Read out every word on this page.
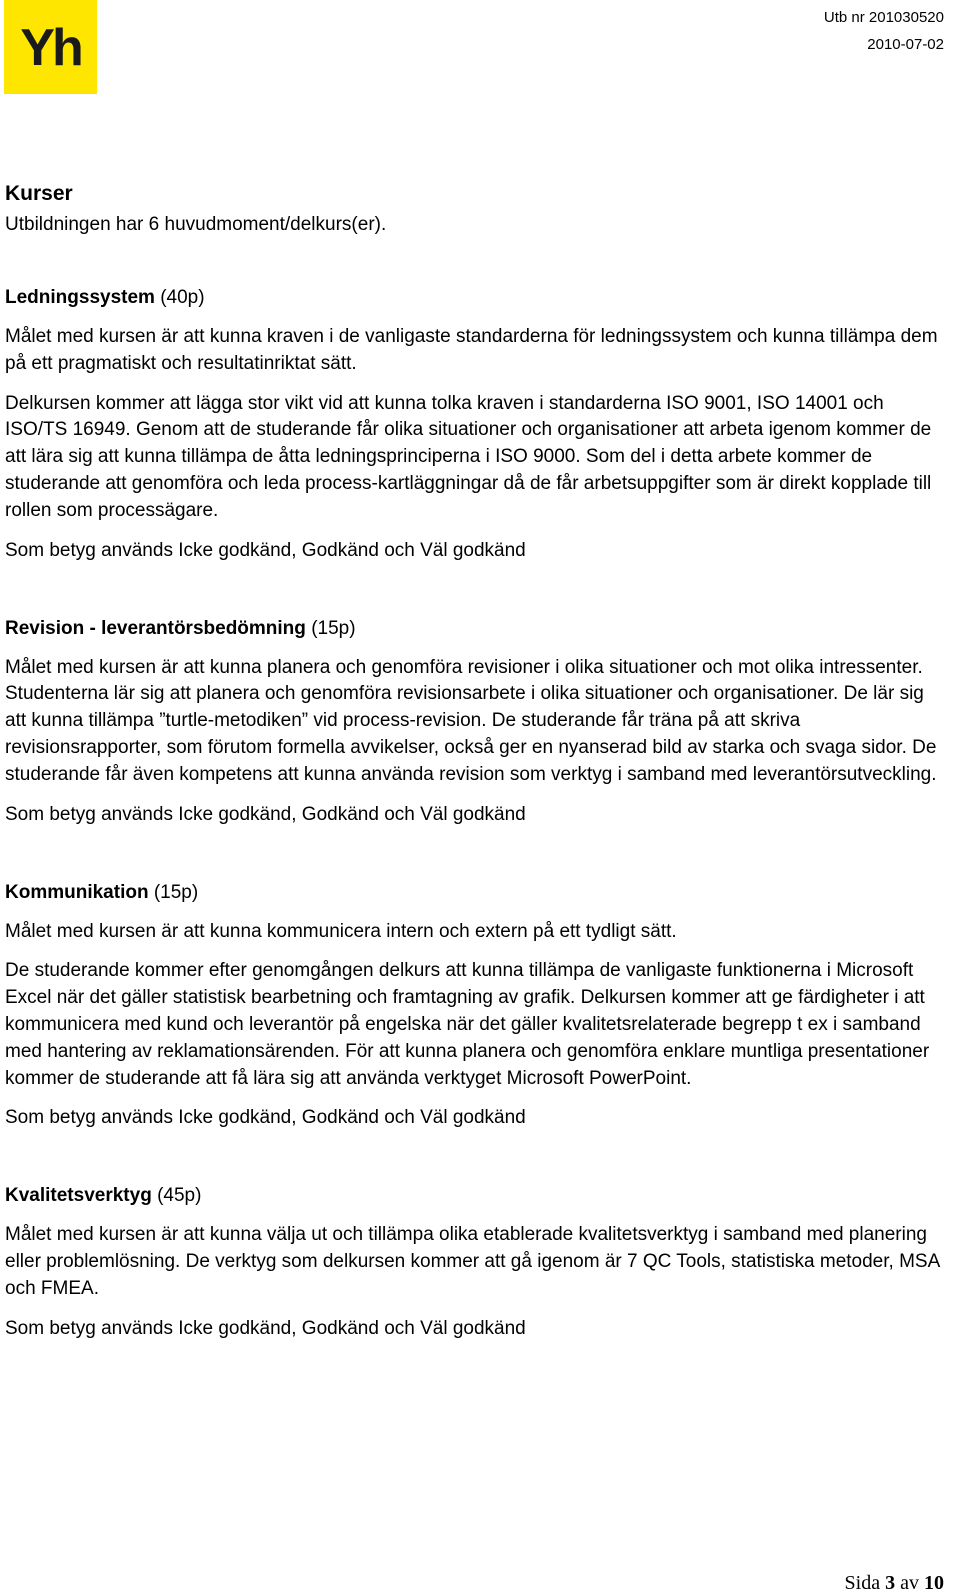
Yh
Utb nr 201030520
2010-07-02
Kurser

Utbildningen har 6 huvudmoment/delkurs(er).

Ledningssystem (40p)

Målet med kursen är att kunna kraven i de vanligaste standarderna för ledningssystem och kunna tillämpa dem på ett pragmatiskt och resultatinriktat sätt.

Delkursen kommer att lägga stor vikt vid att kunna tolka kraven i standarderna ISO 9001, ISO 14001 och ISO/TS 16949. Genom att de studerande får olika situationer och organisationer att arbeta igenom kommer de att lära sig att kunna tillämpa de åtta ledningsprinciperna i ISO 9000. Som del i detta arbete kommer de studerande att genomföra och leda process-kartläggningar då de får arbetsuppgifter som är direkt kopplade till rollen som processägare.

Som betyg används Icke godkänd, Godkänd och Väl godkänd

Revision - leverantörsbedömning (15p)

Målet med kursen är att kunna planera och genomföra revisioner i olika situationer och mot olika intressenter. Studenterna lär sig att planera och genomföra revisionsarbete i olika situationer och organisationer. De lär sig att kunna tillämpa ”turtle-metodiken” vid process-revision. De studerande får träna på att skriva revisionsrapporter, som förutom formella avvikelser, också ger en nyanserad bild av starka och svaga sidor. De studerande får även kompetens att kunna använda revision som verktyg i samband med leverantörsutveckling.

Som betyg används Icke godkänd, Godkänd och Väl godkänd

Kommunikation (15p)

Målet med kursen är att kunna kommunicera intern och extern på ett tydligt sätt.

De studerande kommer efter genomgången delkurs att kunna tillämpa de vanligaste funktionerna i Microsoft Excel när det gäller statistisk bearbetning och framtagning av grafik. Delkursen kommer att ge färdigheter i att kommunicera med kund och leverantör på engelska när det gäller kvalitetsrelaterade begrepp t ex i samband med hantering av reklamationsärenden. För att kunna planera och genomföra enklare muntliga presentationer kommer de studerande att få lära sig att använda verktyget Microsoft PowerPoint.

Som betyg används Icke godkänd, Godkänd och Väl godkänd

Kvalitetsverktyg (45p)

Målet med kursen är att kunna välja ut och tillämpa olika etablerade kvalitetsverktyg i samband med planering eller problemlösning. De verktyg som delkursen kommer att gå igenom är 7 QC Tools, statistiska metoder, MSA och FMEA.

Som betyg används Icke godkänd, Godkänd och Väl godkänd

Sida 3 av 10
